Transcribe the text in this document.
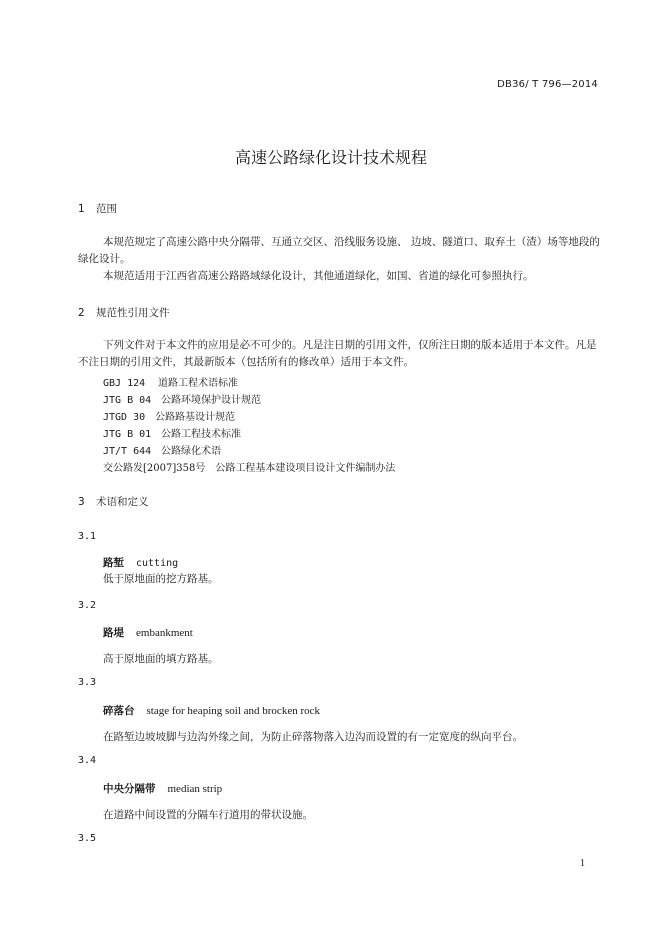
DB36/ T 796—2014
高速公路绿化设计技术规程
1 范围
本规范规定了高速公路中央分隔带、互通立交区、沿线服务设施、 边坡、隧道口、取弃土（渣）场等地段的绿化设计。
本规范适用于江西省高速公路路域绿化设计，其他通道绿化，如国、省道的绿化可参照执行。
2 规范性引用文件
下列文件对于本文件的应用是必不可少的。凡是注日期的引用文件，仅所注日期的版本适用于本文件。凡是不注日期的引用文件，其最新版本（包括所有的修改单）适用于本文件。
GBJ 124 道路工程术语标准
JTG B 04 公路环境保护设计规范
JTGD 30 公路路基设计规范
JTG B 01 公路工程技术标准
JT/T 644 公路绿化术语
交公路发[2007]358号 公路工程基本建设项目设计文件编制办法
3 术语和定义
3.1
路堑 cutting
低于原地面的挖方路基。
3.2
路堤 embankment
高于原地面的填方路基。
3.3
碎落台 stage for heaping soil and brocken rock
在路堑边坡坡脚与边沟外缘之间，为防止碎落物落入边沟而设置的有一定宽度的纵向平台。
3.4
中央分隔带 median strip
在道路中间设置的分隔车行道用的带状设施。
3.5
1
